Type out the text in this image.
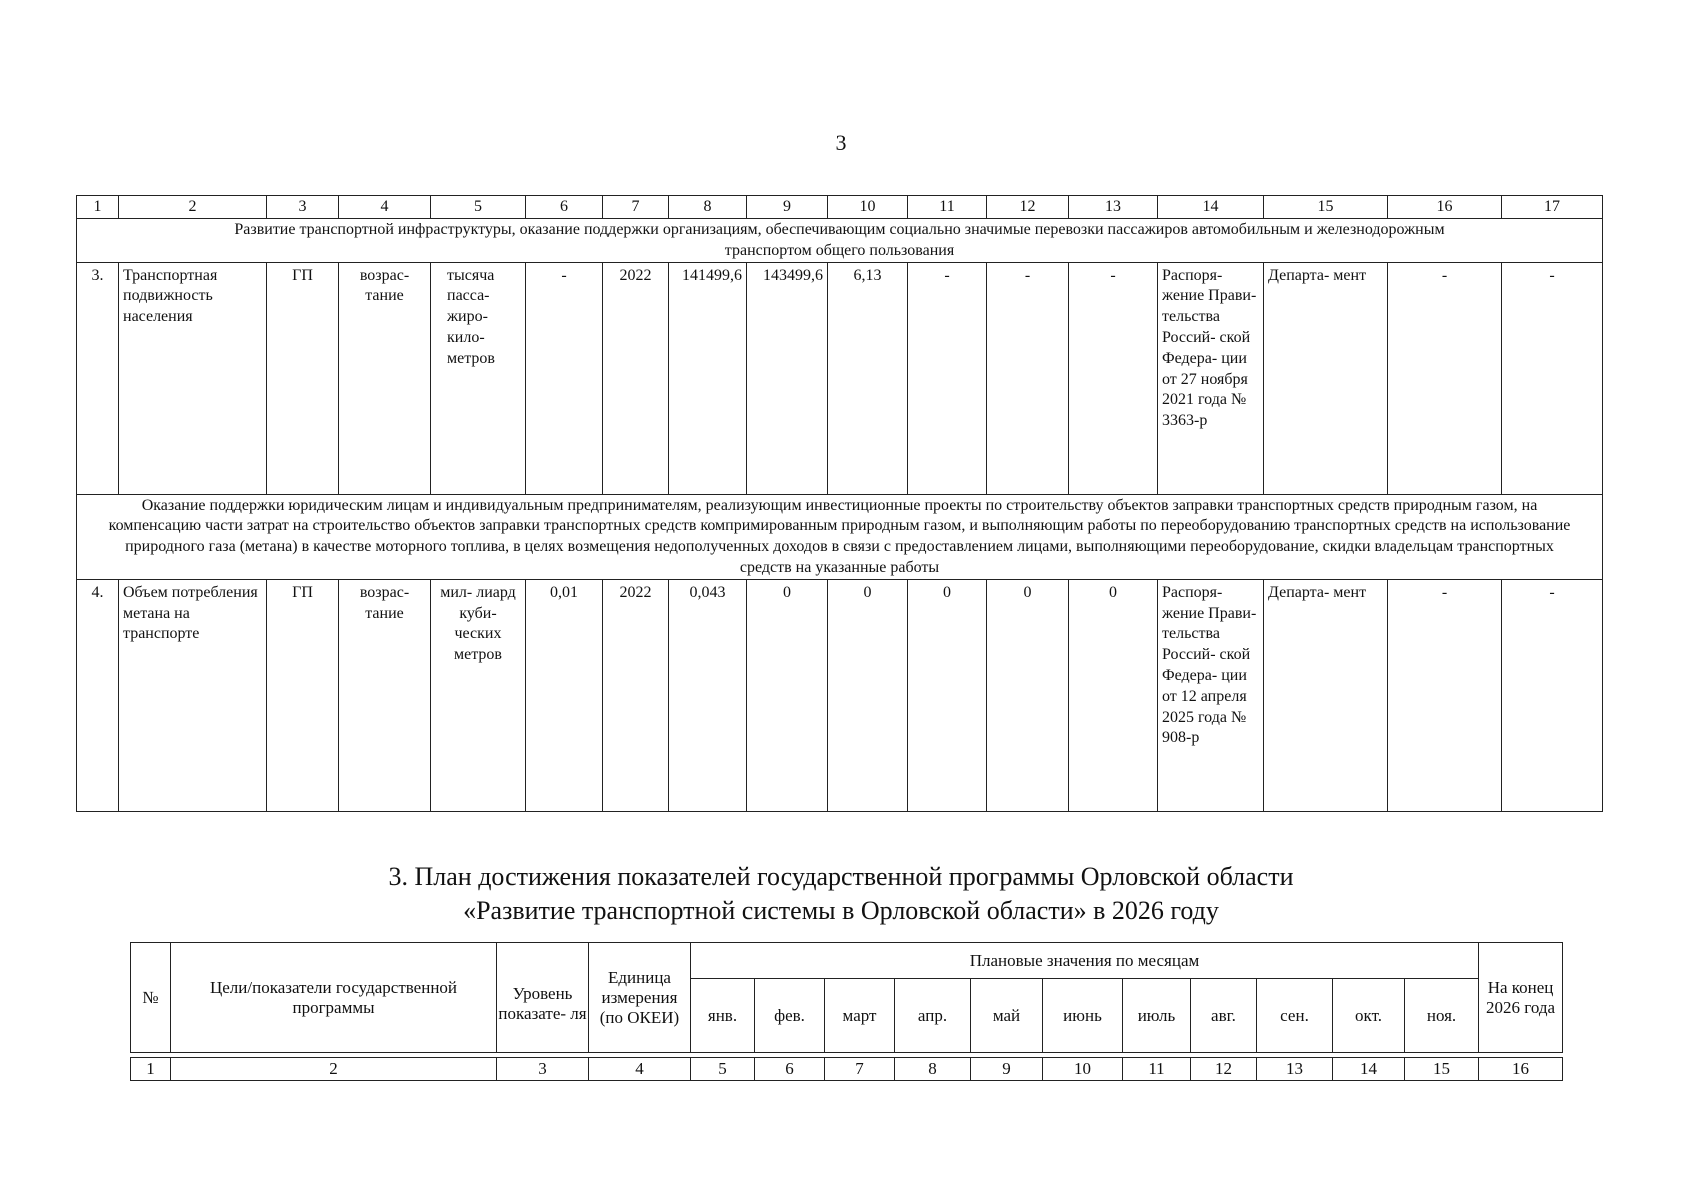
3
1	2	3	4	5	6	7	8	9	10	11	12	13	14	15	16	17
Развитие транспортной инфраструктуры, оказание поддержки организациям, обеспечивающим социально значимые перевозки пассажиров автомобильным и железнодорожным транспортом общего пользования																
3.	Транспортная подвижность населения	ГП	возрас- тание	тысяча пасса- жиро- кило- метров	-	2022	141499,6	143499,6	6,13	-	-	-	Распоря- жение Прави- тельства Россий- ской Федера- ции от 27 ноября 2021 года № 3363-р	Департа- мент	-	-
Оказание поддержки юридическим лицам и индивидуальным предпринимателям, реализующим инвестиционные проекты по строительству объектов заправки транспортных средств природным газом, на компенсацию части затрат на строительство объектов заправки транспортных средств компримированным природным газом, и выполняющим работы по переоборудованию транспортных средств на использование природного газа (метана) в качестве моторного топлива, в целях возмещения недополученных доходов в связи с предоставлением лицами, выполняющими переоборудование, скидки владельцам транспортных средств на указанные работы																
4.	Объем потребления метана на транспорте	ГП	возрас- тание	мил- лиард куби- ческих метров	0,01	2022	0,043	0	0	0	0	0	Распоря- жение Прави- тельства Россий- ской Федера- ции от 12 апреля 2025 года № 908-р	Департа- мент	-	-
3. План достижения показателей государственной программы Орловской области
«Развитие транспортной системы в Орловской области» в 2026 году
№	Цели/показатели государственной программы	Уровень показате- ля	Единица измерения (по ОКЕИ)	Плановые значения по месяцам											На конец 2026 года
				янв.	фев.	март	апр.	май	июнь	июль	авг.	сен.	окт.	ноя.	

1	2	3	4	5	6	7	8	9	10	11	12	13	14	15	16
